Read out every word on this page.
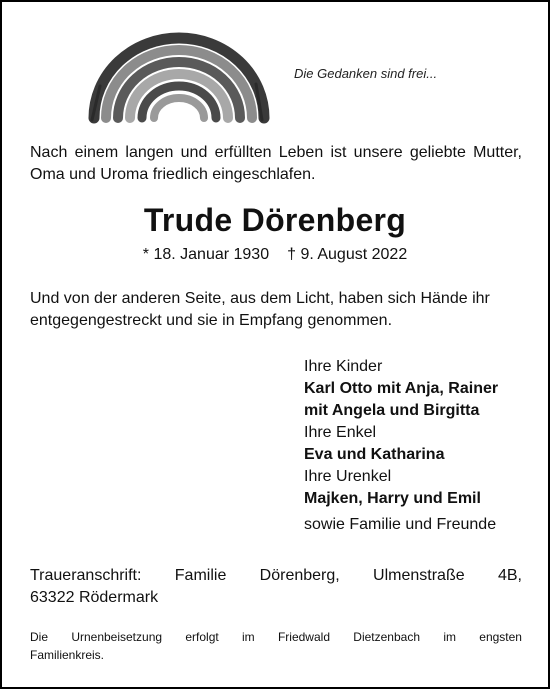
Die Gedanken sind frei...
Nach einem langen und erfüllten Leben ist unsere geliebte Mutter, Oma und Uroma friedlich eingeschlafen.
Trude Dörenberg
* 18. Januar 1930 † 9. August 2022
Und von der anderen Seite, aus dem Licht, haben sich Hände ihr entgegengestreckt und sie in Empfang genommen.
Ihre Kinder
Karl Otto mit Anja, Rainer
mit Angela und Birgitta
Ihre Enkel
Eva und Katharina
Ihre Urenkel
Majken, Harry und Emil
sowie Familie und Freunde
Traueranschrift: Familie Dörenberg, Ulmenstraße 4B,
63322 Rödermark
Die Urnenbeisetzung erfolgt im Friedwald Dietzenbach im engsten
Familienkreis.
